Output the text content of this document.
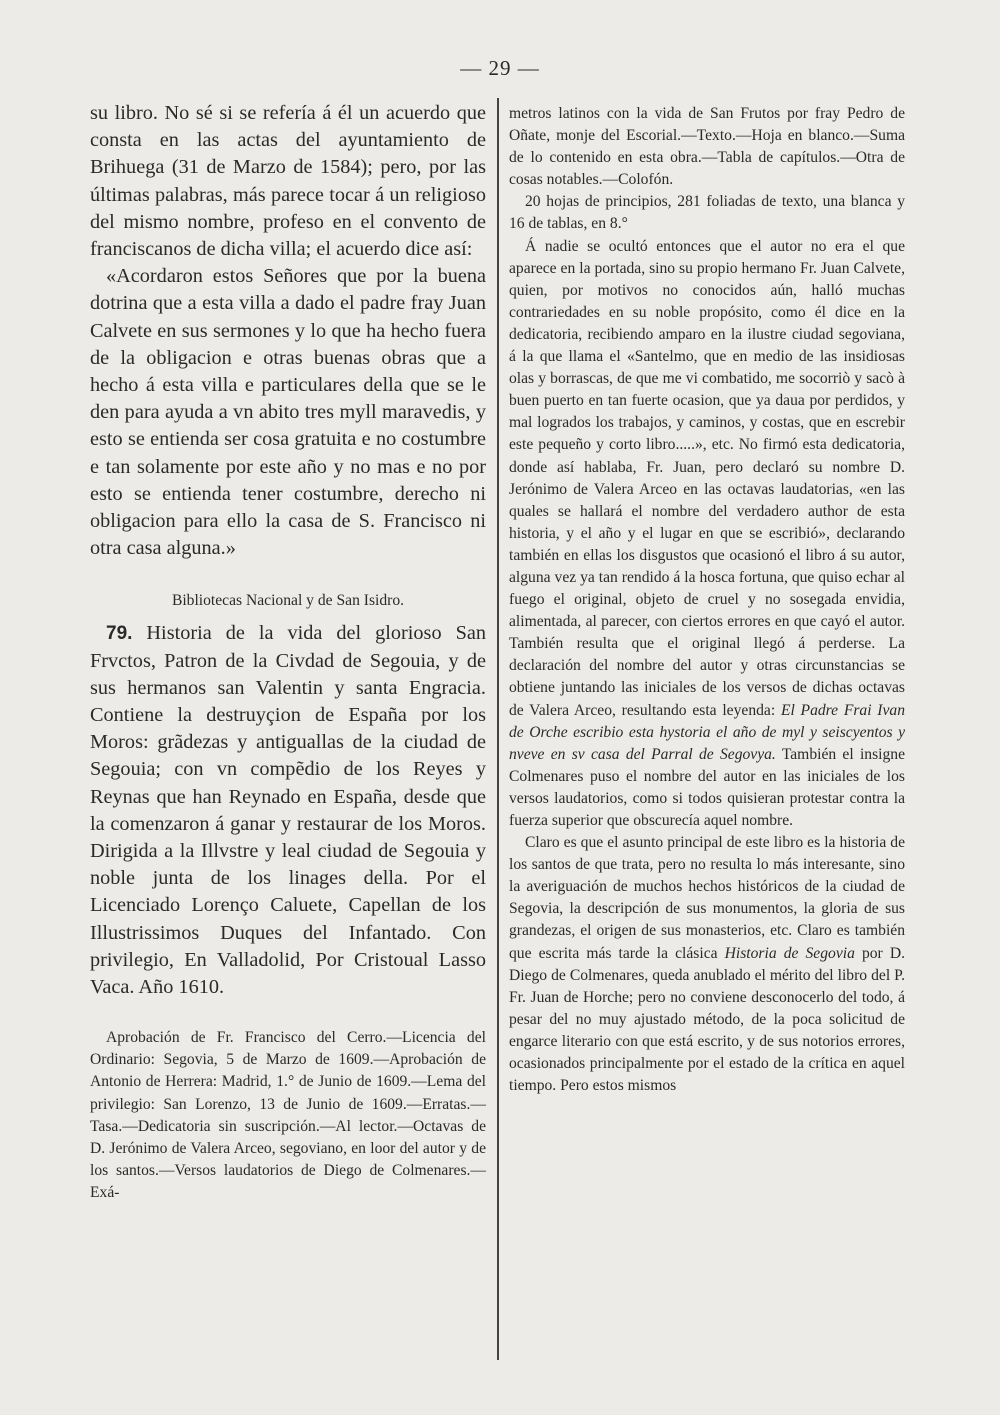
— 29 —

su libro. No sé si se refería á él un acuerdo que consta en las actas del ayuntamiento de Brihuega (31 de Marzo de 1584); pero, por las últimas palabras, más parece tocar á un religioso del mismo nombre, profeso en el convento de franciscanos de dicha villa; el acuerdo dice así:

«Acordaron estos Señores que por la buena dotrina que a esta villa a dado el padre fray Juan Calvete en sus sermones y lo que ha hecho fuera de la obligacion e otras buenas obras que a hecho á esta villa e particulares della que se le den para ayuda a vn abito tres myll maravedis, y esto se entienda ser cosa gratuita e no costumbre e tan solamente por este año y no mas e no por esto se entienda tener costumbre, derecho ni obligacion para ello la casa de S. Francisco ni otra casa alguna.»

Bibliotecas Nacional y de San Isidro.

79. Historia de la vida del glorioso San Frvctos, Patron de la Civdad de Segouia, y de sus hermanos san Valentin y santa Engracia. Contiene la destruyçion de España por los Moros: grãdezas y antiguallas de la ciudad de Segouia; con vn compẽdio de los Reyes y Reynas que han Reynado en España, desde que la comenzaron á ganar y restaurar de los Moros. Dirigida a la Illvstre y leal ciudad de Segouia y noble junta de los linages della. Por el Licenciado Lorenço Caluete, Capellan de los Illustrissimos Duques del Infantado. Con privilegio, En Valladolid, Por Cristoual Lasso Vaca. Año 1610.

Aprobación de Fr. Francisco del Cerro.—Licencia del Ordinario: Segovia, 5 de Marzo de 1609.—Aprobación de Antonio de Herrera: Madrid, 1.° de Junio de 1609.—Lema del privilegio: San Lorenzo, 13 de Junio de 1609.—Erratas.—Tasa.—Dedicatoria sin suscripción.—Al lector.—Octavas de D. Jerónimo de Valera Arceo, segoviano, en loor del autor y de los santos.—Versos laudatorios de Diego de Colmenares.—Exá-

metros latinos con la vida de San Frutos por fray Pedro de Oñate, monje del Escorial.—Texto.—Hoja en blanco.—Suma de lo contenido en esta obra.—Tabla de capítulos.—Otra de cosas notables.—Colofón.

20 hojas de principios, 281 foliadas de texto, una blanca y 16 de tablas, en 8.°

Á nadie se ocultó entonces que el autor no era el que aparece en la portada, sino su propio hermano Fr. Juan Calvete, quien, por motivos no conocidos aún, halló muchas contrariedades en su noble propósito, como él dice en la dedicatoria, recibiendo amparo en la ilustre ciudad segoviana, á la que llama el «Santelmo, que en medio de las insidiosas olas y borrascas, de que me vi combatido, me socorriò y sacò à buen puerto en tan fuerte ocasion, que ya daua por perdidos, y mal logrados los trabajos, y caminos, y costas, que en escrebir este pequeño y corto libro.....», etc. No firmó esta dedicatoria, donde así hablaba, Fr. Juan, pero declaró su nombre D. Jerónimo de Valera Arceo en las octavas laudatorias, «en las quales se hallará el nombre del verdadero author de esta historia, y el año y el lugar en que se escribió», declarando también en ellas los disgustos que ocasionó el libro á su autor, alguna vez ya tan rendido á la hosca fortuna, que quiso echar al fuego el original, objeto de cruel y no sosegada envidia, alimentada, al parecer, con ciertos errores en que cayó el autor. También resulta que el original llegó á perderse. La declaración del nombre del autor y otras circunstancias se obtiene juntando las iniciales de los versos de dichas octavas de Valera Arceo, resultando esta leyenda: El Padre Frai Ivan de Orche escribio esta hystoria el año de myl y seiscyentos y nveve en sv casa del Parral de Segovya. También el insigne Colmenares puso el nombre del autor en las iniciales de los versos laudatorios, como si todos quisieran protestar contra la fuerza superior que obscurecía aquel nombre.

Claro es que el asunto principal de este libro es la historia de los santos de que trata, pero no resulta lo más interesante, sino la averiguación de muchos hechos históricos de la ciudad de Segovia, la descripción de sus monumentos, la gloria de sus grandezas, el origen de sus monasterios, etc. Claro es también que escrita más tarde la clásica Historia de Segovia por D. Diego de Colmenares, queda anublado el mérito del libro del P. Fr. Juan de Horche; pero no conviene desconocerlo del todo, á pesar del no muy ajustado método, de la poca solicitud de engarce literario con que está escrito, y de sus notorios errores, ocasionados principalmente por el estado de la crítica en aquel tiempo. Pero estos mismos
